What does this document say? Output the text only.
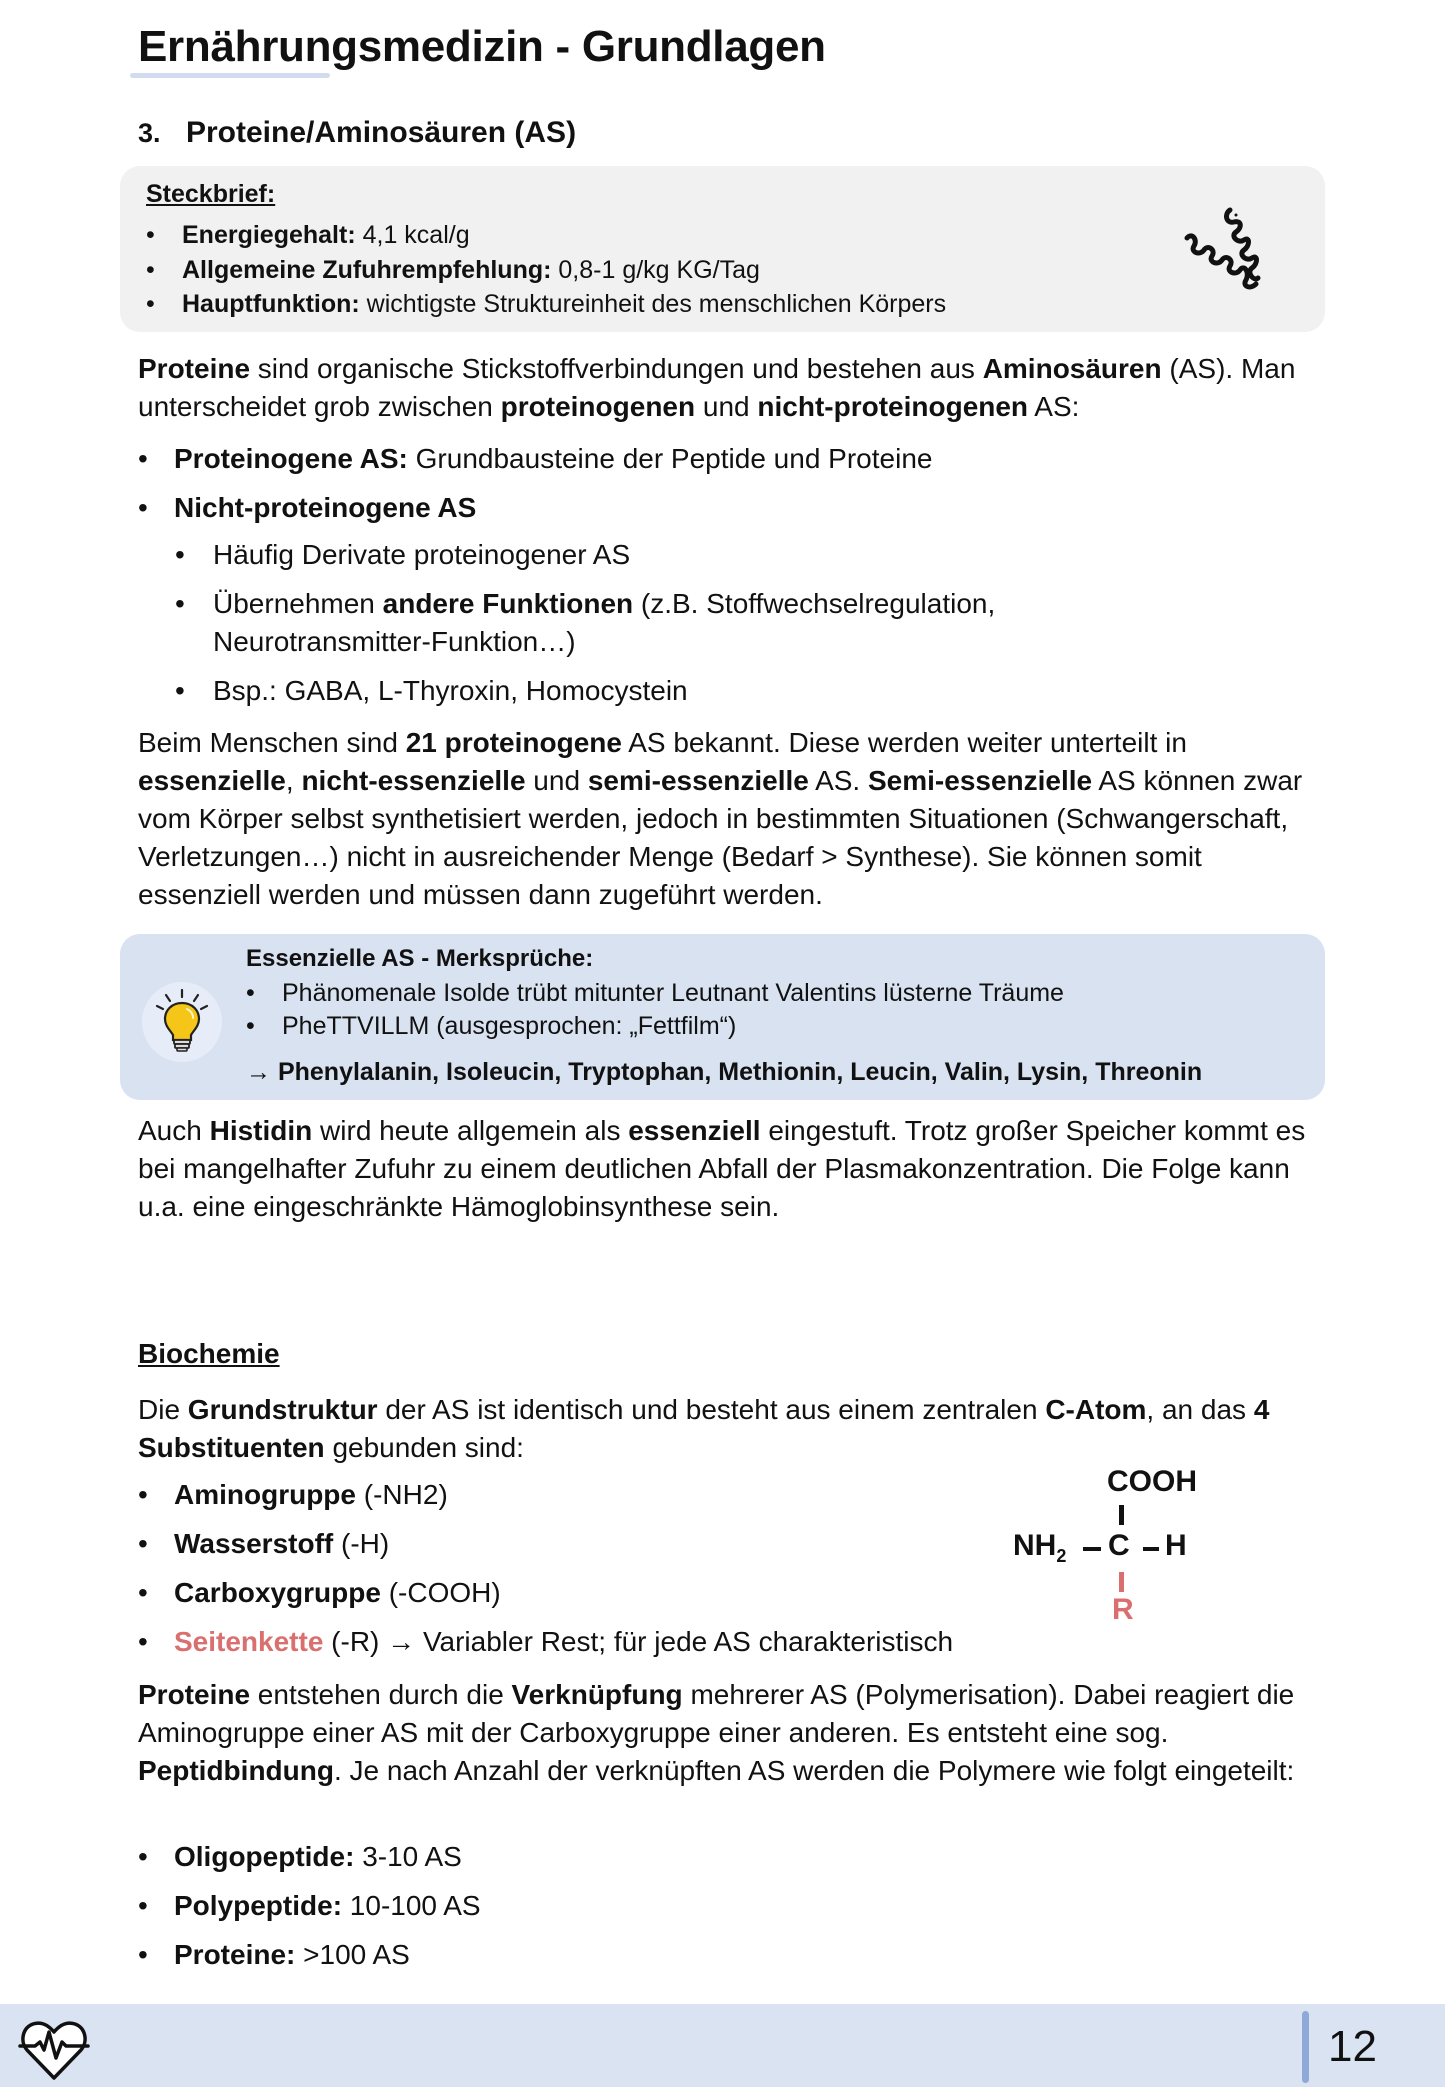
Ernährungsmedizin - Grundlagen
3. Proteine/Aminosäuren (AS)
Steckbrief:
• Energiegehalt: 4,1 kcal/g
• Allgemeine Zufuhrempfehlung: 0,8-1 g/kg KG/Tag
• Hauptfunktion: wichtigste Struktureinheit des menschlichen Körpers

Proteine sind organische Stickstoffverbindungen und bestehen aus Aminosäuren (AS). Man unterscheidet grob zwischen proteinogenen und nicht-proteinogenen AS:

• Proteinogene AS: Grundbausteine der Peptide und Proteine
• Nicht-proteinogene AS
• Häufig Derivate proteinogener AS
• Übernehmen andere Funktionen (z.B. Stoffwechselregulation, Neurotransmitter-Funktion…)
• Bsp.: GABA, L-Thyroxin, Homocystein

Beim Menschen sind 21 proteinogene AS bekannt. Diese werden weiter unterteilt in essenzielle, nicht-essenzielle und semi-essenzielle AS. Semi-essenzielle AS können zwar vom Körper selbst synthetisiert werden, jedoch in bestimmten Situationen (Schwangerschaft, Verletzungen…) nicht in ausreichender Menge (Bedarf > Synthese). Sie können somit essenziell werden und müssen dann zugeführt werden.

Essenzielle AS - Merksprüche:
• Phänomenale Isolde trübt mitunter Leutnant Valentins lüsterne Träume
• PheTTVILLM (ausgesprochen: „Fettfilm“)
→ Phenylalanin, Isoleucin, Tryptophan, Methionin, Leucin, Valin, Lysin, Threonin

Auch Histidin wird heute allgemein als essenziell eingestuft. Trotz großer Speicher kommt es bei mangelhafter Zufuhr zu einem deutlichen Abfall der Plasmakonzentration. Die Folge kann u.a. eine eingeschränkte Hämoglobinsynthese sein.

Biochemie

Die Grundstruktur der AS ist identisch und besteht aus einem zentralen C-Atom, an das 4 Substituenten gebunden sind:

• Aminogruppe (-NH2)
• Wasserstoff (-H)
• Carboxygruppe (-COOH)
• Seitenkette (-R) → Variabler Rest; für jede AS charakteristisch
COOH
$NH_2$ C H
R

Proteine entstehen durch die Verknüpfung mehrerer AS (Polymerisation). Dabei reagiert die Aminogruppe einer AS mit der Carboxygruppe einer anderen. Es entsteht eine sog. Peptidbindung. Je nach Anzahl der verknüpften AS werden die Polymere wie folgt eingeteilt:

• Oligopeptide: 3-10 AS
• Polypeptide: 10-100 AS
• Proteine: >100 AS
12
